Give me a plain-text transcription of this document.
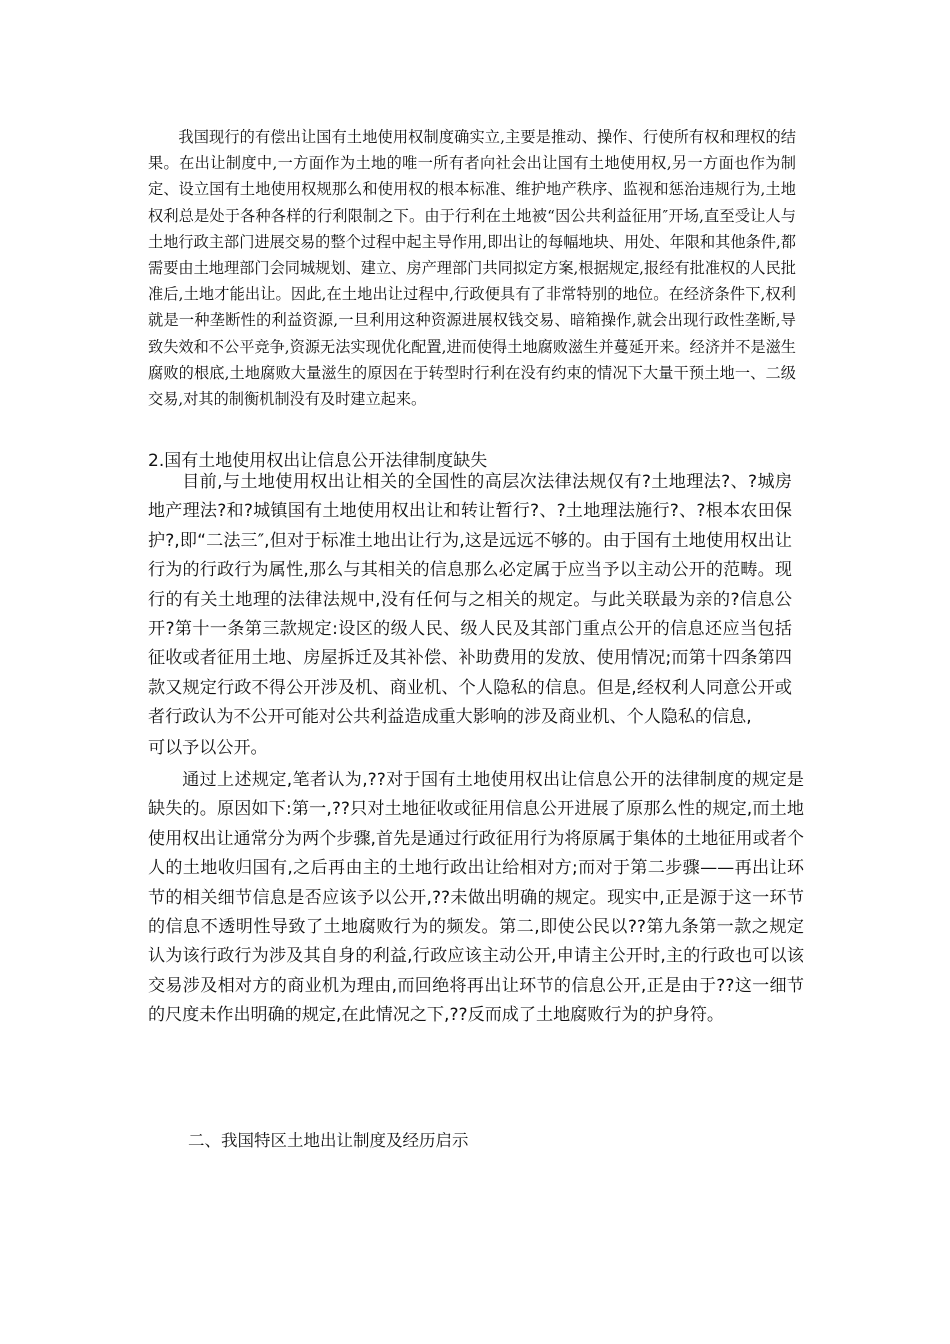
我国现行的有偿出让国有土地使用权制度确实立,主要是推动、操作、行使所有权和理权的结果。在出让制度中,一方面作为土地的唯一所有者向社会出让国有土地使用权,另一方面也作为制定、设立国有土地使用权规那么和使用权的根本标准、维护地产秩序、监视和惩治违规行为,土地权利总是处于各种各样的行利限制之下。由于行利在土地被“因公共利益征用″开场,直至受让人与土地行政主部门进展交易的整个过程中起主导作用,即出让的每幅地块、用处、年限和其他条件,都需要由土地理部门会同城规划、建立、房产理部门共同拟定方案,根据规定,报经有批准权的人民批准后,土地才能出让。因此,在土地出让过程中,行政便具有了非常特别的地位。在经济条件下,权利就是一种垄断性的利益资源,一旦利用这种资源进展权钱交易、暗箱操作,就会出现行政性垄断,导致失效和不公平竞争,资源无法实现优化配置,进而使得土地腐败滋生并蔓延开来。经济并不是滋生腐败的根底,土地腐败大量滋生的原因在于转型时行利在没有约束的情况下大量干预土地一、二级交易,对其的制衡机制没有及时建立起来。

2.国有土地使用权出让信息公开法律制度缺失

目前,与土地使用权出让相关的全国性的高层次法律法规仅有?土地理法?、?城房地产理法?和?城镇国有土地使用权出让和转让暂行?、?土地理法施行?、?根本农田保护?,即“二法三″,但对于标准土地出让行为,这是远远不够的。由于国有土地使用权出让行为的行政行为属性,那么与其相关的信息那么必定属于应当予以主动公开的范畴。现行的有关土地理的法律法规中,没有任何与之相关的规定。与此关联最为亲的?信息公开?第十一条第三款规定:设区的级人民、级人民及其部门重点公开的信息还应当包括征收或者征用土地、房屋拆迁及其补偿、补助费用的发放、使用情况;而第十四条第四款又规定行政不得公开涉及机、商业机、个人隐私的信息。但是,经权利人同意公开或者行政认为不公开可能对公共利益造成重大影响的涉及商业机、个人隐私的信息,

可以予以公开。

通过上述规定,笔者认为,??对于国有土地使用权出让信息公开的法律制度的规定是缺失的。原因如下:第一,??只对土地征收或征用信息公开进展了原那么性的规定,而土地使用权出让通常分为两个步骤,首先是通过行政征用行为将原属于集体的土地征用或者个人的土地收归国有,之后再由主的土地行政出让给相对方;而对于第二步骤——再出让环节的相关细节信息是否应该予以公开,??未做出明确的规定。现实中,正是源于这一环节的信息不透明性导致了土地腐败行为的频发。第二,即使公民以??第九条第一款之规定认为该行政行为涉及其自身的利益,行政应该主动公开,申请主公开时,主的行政也可以该交易涉及相对方的商业机为理由,而回绝将再出让环节的信息公开,正是由于??这一细节的尺度未作出明确的规定,在此情况之下,??反而成了土地腐败行为的护身符。

二、我国特区土地出让制度及经历启示
